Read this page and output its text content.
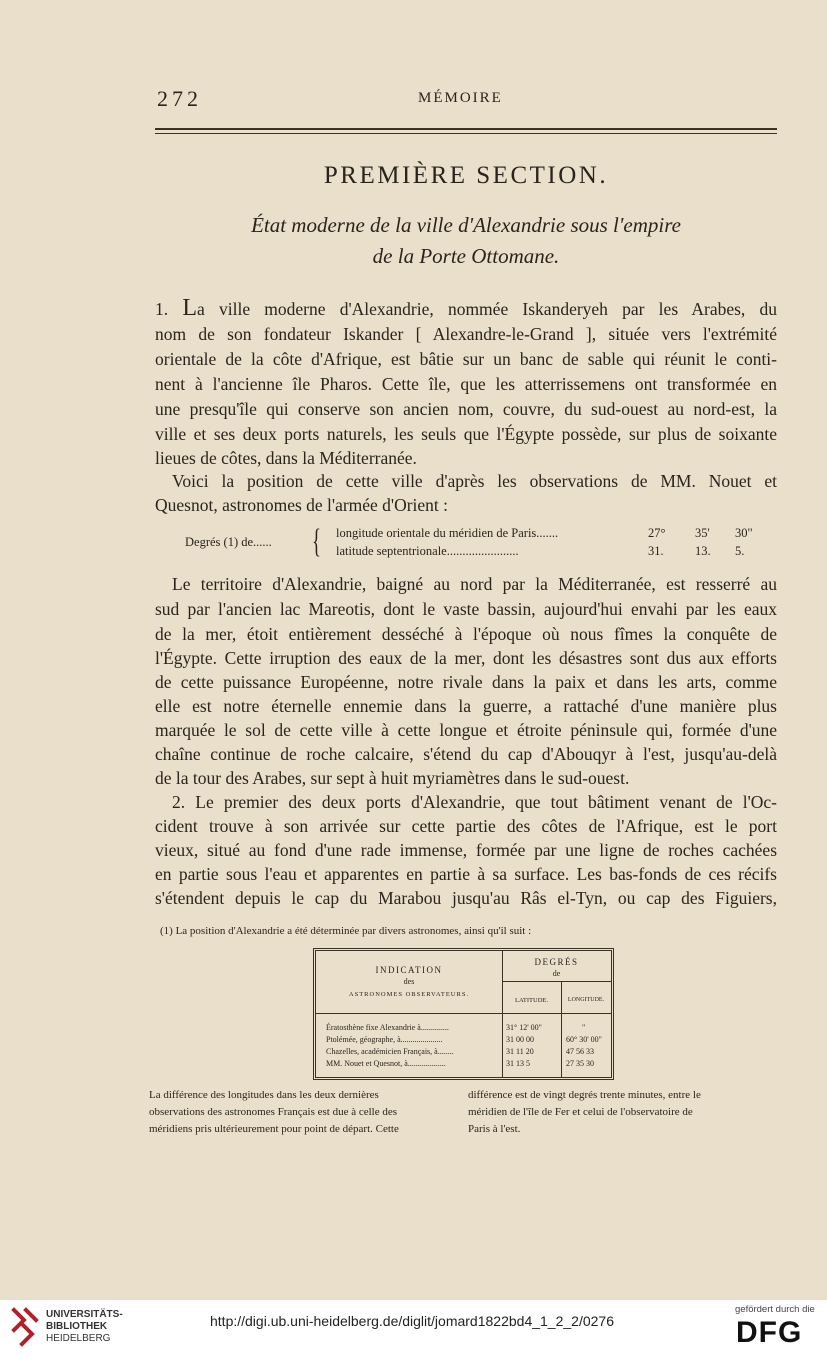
272	MÉMOIRE
PREMIÈRE SECTION.
État moderne de la ville d'Alexandrie sous l'empire
de la Porte Ottomane.
1. La ville moderne d'Alexandrie, nommée Iskanderyeh par les Arabes, du
nom de son fondateur Iskander [ Alexandre-le-Grand ], située vers l'extrémité
orientale de la côte d'Afrique, est bâtie sur un banc de sable qui réunit le conti-
nent à l'ancienne île Pharos. Cette île, que les atterrissemens ont transformée en
une presqu'île qui conserve son ancien nom, couvre, du sud-ouest au nord-est, la
ville et ses deux ports naturels, les seuls que l'Égypte possède, sur plus de soixante
lieues de côtes, dans la Méditerranée.
Voici la position de cette ville d'après les observations de MM. Nouet et
Quesnot, astronomes de l'armée d'Orient :
Degrés (1) de...... { longitude orientale du méridien de Paris.......	27° 35' 30"
latitude septentrionale.......................	31.	13. 5.
Le territoire d'Alexandrie, baigné au nord par la Méditerranée, est resserré au
sud par l'ancien lac Mareotis, dont le vaste bassin, aujourd'hui envahi par les eaux
de la mer, étoit entièrement desséché à l'époque où nous fîmes la conquête de
l'Égypte. Cette irruption des eaux de la mer, dont les désastres sont dus aux efforts
de cette puissance Européenne, notre rivale dans la paix et dans les arts, comme
elle est notre éternelle ennemie dans la guerre, a rattaché d'une manière plus
marquée le sol de cette ville à cette longue et étroite péninsule qui, formée d'une
chaîne continue de roche calcaire, s'étend du cap d'Abouqyr à l'est, jusqu'au-delà
de la tour des Arabes, sur sept à huit myriamètres dans le sud-ouest.
2. Le premier des deux ports d'Alexandrie, que tout bâtiment venant de l'Oc-
cident trouve à son arrivée sur cette partie des côtes de l'Afrique, est le port
vieux, situé au fond d'une rade immense, formée par une ligne de roches cachées
en partie sous l'eau et apparentes en partie à sa surface. Les bas-fonds de ces récifs
s'étendent depuis le cap du Marabou jusqu'au Râs el-Tyn, ou cap des Figuiers,
(1) La position d'Alexandrie a été déterminée par divers astronomes, ainsi qu'il suit :
INDICATION
des
ASTRONOMES OBSERVATEURS.
DEGRÉS
de
LATITUDE.	LONGITUDE.
Ératosthène fixe Alexandrie à..............	31° 12' 00"	"
Ptolémée, géographe, à.....................	31 00 00	60° 30' 00"
Chazelles, académicien Français, à........	31 11 20	47 56 33
MM. Nouet et Quesnot, à...................	31 13 5	27 35 30
La différence des longitudes dans les deux dernières
observations des astronomes Français est due à celle des
méridiens pris ultérieurement pour point de départ. Cette
différence est de vingt degrés trente minutes, entre le
méridien de l'île de Fer et celui de l'observatoire de
Paris à l'est.
UNIVERSITÄTS-
BIBLIOTHEK
HEIDELBERG
http://digi.ub.uni-heidelberg.de/diglit/jomard1822bd4_1_2_2/0276
gefördert durch die
DFG
